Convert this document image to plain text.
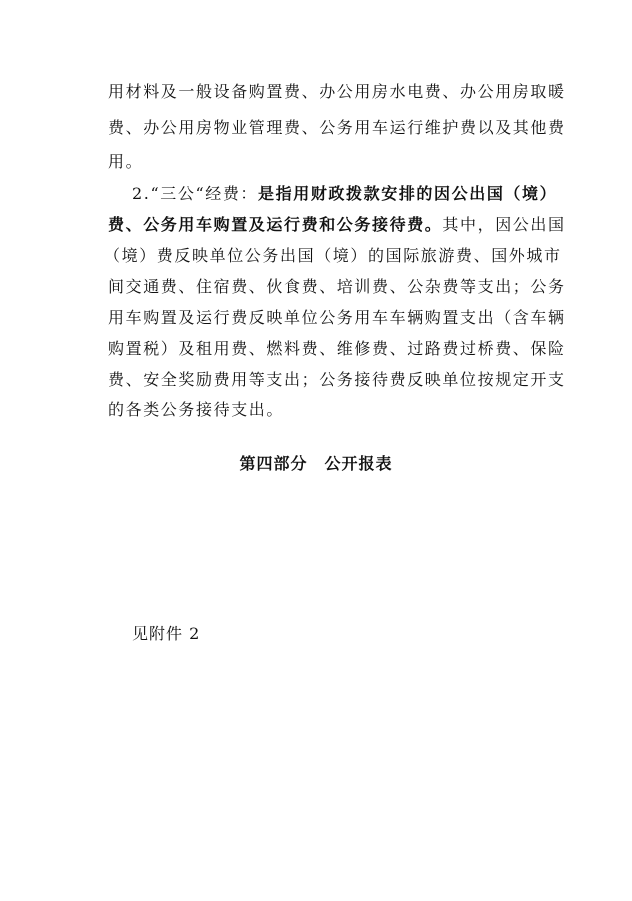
用材料及一般设备购置费、办公用房水电费、办公用房取暖
费、办公用房物业管理费、公务用车运行维护费以及其他费
用。
2.“三公“经费：是指用财政拨款安排的因公出国（境）
费、公务用车购置及运行费和公务接待费。其中，因公出国
（境）费反映单位公务出国（境）的国际旅游费、国外城市
间交通费、住宿费、伙食费、培训费、公杂费等支出；公务
用车购置及运行费反映单位公务用车车辆购置支出（含车辆
购置税）及租用费、燃料费、维修费、过路费过桥费、保险
费、安全奖励费用等支出；公务接待费反映单位按规定开支
的各类公务接待支出。
第四部分　公开报表
见附件 2
